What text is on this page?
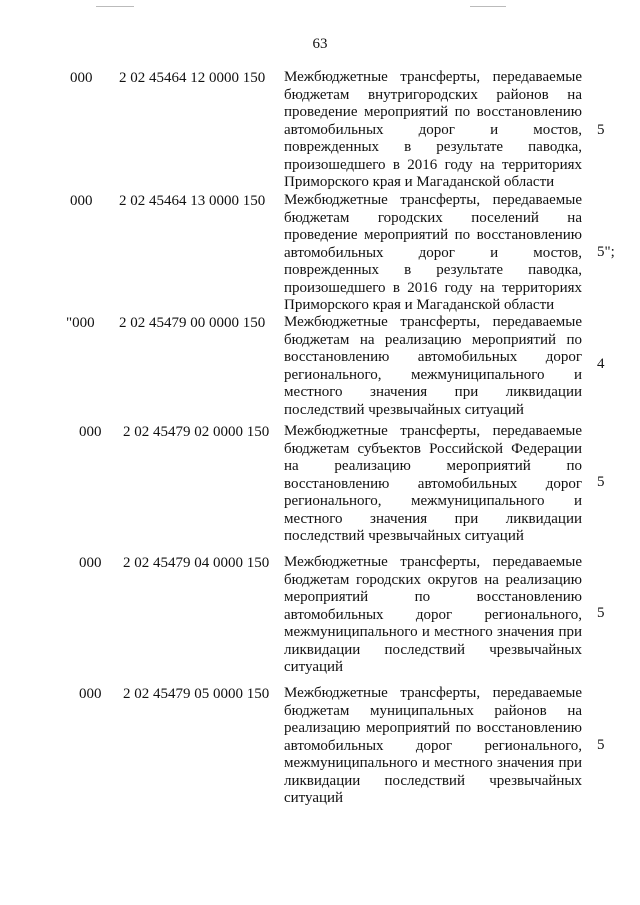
63
000 2 02 45464 12 0000 150 Межбюджетные трансферты, передаваемые бюджетам внутригородских районов на проведение мероприятий по восстановлению автомобильных дорог и мостов, поврежденных в результате паводка, произошедшего в 2016 году на территориях Приморского края и Магаданской области
5
000 2 02 45464 13 0000 150 Межбюджетные трансферты, передаваемые бюджетам городских поселений на проведение мероприятий по восстановлению автомобильных дорог и мостов, поврежденных в результате паводка, произошедшего в 2016 году на территориях Приморского края и Магаданской области
5";
"000 2 02 45479 00 0000 150 Межбюджетные трансферты, передаваемые бюджетам на реализацию мероприятий по восстановлению автомобильных дорог регионального, межмуниципального и местного значения при ликвидации последствий чрезвычайных ситуаций
4
000 2 02 45479 02 0000 150 Межбюджетные трансферты, передаваемые бюджетам субъектов Российской Федерации на реализацию мероприятий по восстановлению автомобильных дорог регионального, межмуниципального и местного значения при ликвидации последствий чрезвычайных ситуаций
5
000 2 02 45479 04 0000 150 Межбюджетные трансферты, передаваемые бюджетам городских округов на реализацию мероприятий по восстановлению автомобильных дорог регионального, межмуниципального и местного значения при ликвидации последствий чрезвычайных ситуаций
5
000 2 02 45479 05 0000 150 Межбюджетные трансферты, передаваемые бюджетам муниципальных районов на реализацию мероприятий по восстановлению автомобильных дорог регионального, межмуниципального и местного значения при ликвидации последствий чрезвычайных ситуаций
5
